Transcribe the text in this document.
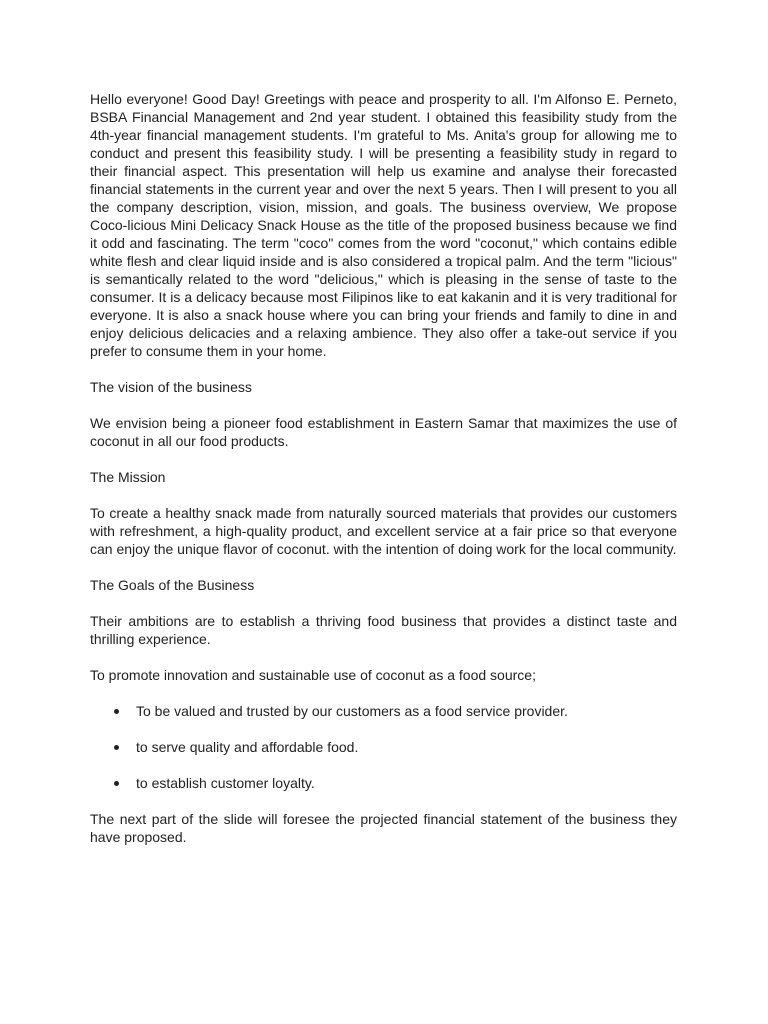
Hello everyone! Good Day! Greetings with peace and prosperity to all. I'm Alfonso E. Perneto, BSBA Financial Management and 2nd year student. I obtained this feasibility study from the 4th-year financial management students. I'm grateful to Ms. Anita's group for allowing me to conduct and present this feasibility study. I will be presenting a feasibility study in regard to their financial aspect. This presentation will help us examine and analyse their forecasted financial statements in the current year and over the next 5 years. Then I will present to you all the company description, vision, mission, and goals. The business overview, We propose Coco-licious Mini Delicacy Snack House as the title of the proposed business because we find it odd and fascinating. The term "coco" comes from the word "coconut," which contains edible white flesh and clear liquid inside and is also considered a tropical palm. And the term "licious" is semantically related to the word "delicious," which is pleasing in the sense of taste to the consumer. It is a delicacy because most Filipinos like to eat kakanin and it is very traditional for everyone. It is also a snack house where you can bring your friends and family to dine in and enjoy delicious delicacies and a relaxing ambience. They also offer a take-out service if you prefer to consume them in your home.

The vision of the business

We envision being a pioneer food establishment in Eastern Samar that maximizes the use of coconut in all our food products.

The Mission

To create a healthy snack made from naturally sourced materials that provides our customers with refreshment, a high-quality product, and excellent service at a fair price so that everyone can enjoy the unique flavor of coconut. with the intention of doing work for the local community.

The Goals of the Business

Their ambitions are to establish a thriving food business that provides a distinct taste and thrilling experience.

To promote innovation and sustainable use of coconut as a food source;

To be valued and trusted by our customers as a food service provider.
to serve quality and affordable food.
to establish customer loyalty.

The next part of the slide will foresee the projected financial statement of the business they have proposed.
